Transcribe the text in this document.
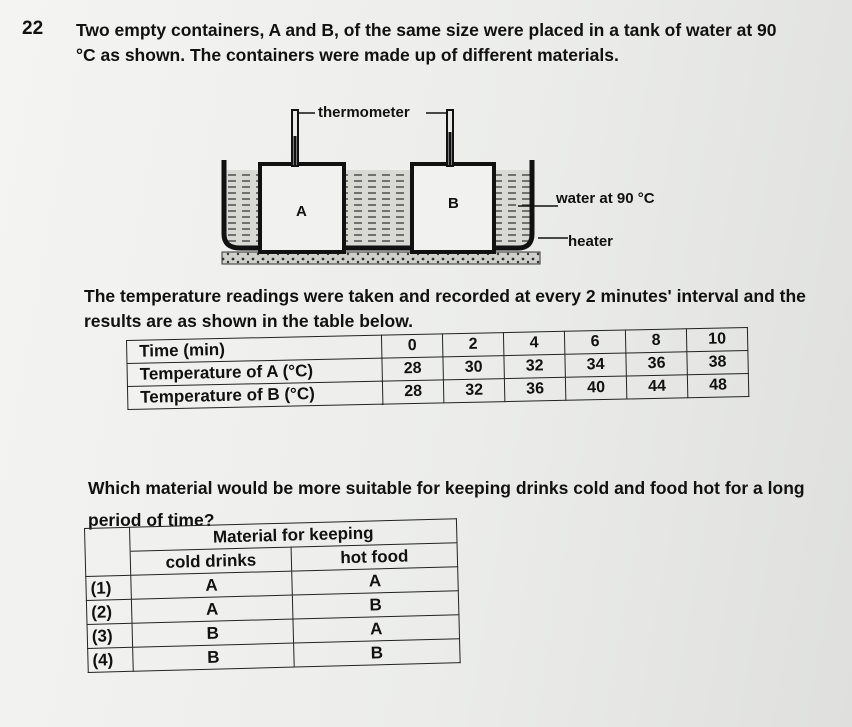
22 Two empty containers, A and B, of the same size were placed in a tank of water at 90 °C as shown. The containers were made up of different materials.
thermometer
A	B	water at 90 °C
heater
The temperature readings were taken and recorded at every 2 minutes' interval and the results are as shown in the table below.
Time (min)	0	2	4	6	8	10
Temperature of A (°C)	28	30	32	34	36	38
Temperature of B (°C)	28	32	36	40	44	48
Which material would be more suitable for keeping drinks cold and food hot for a long period of time?
	Material for keeping	
	cold drinks	hot food
(1)	A	A
(2)	A	B
(3)	B	A
(4)	B	B
